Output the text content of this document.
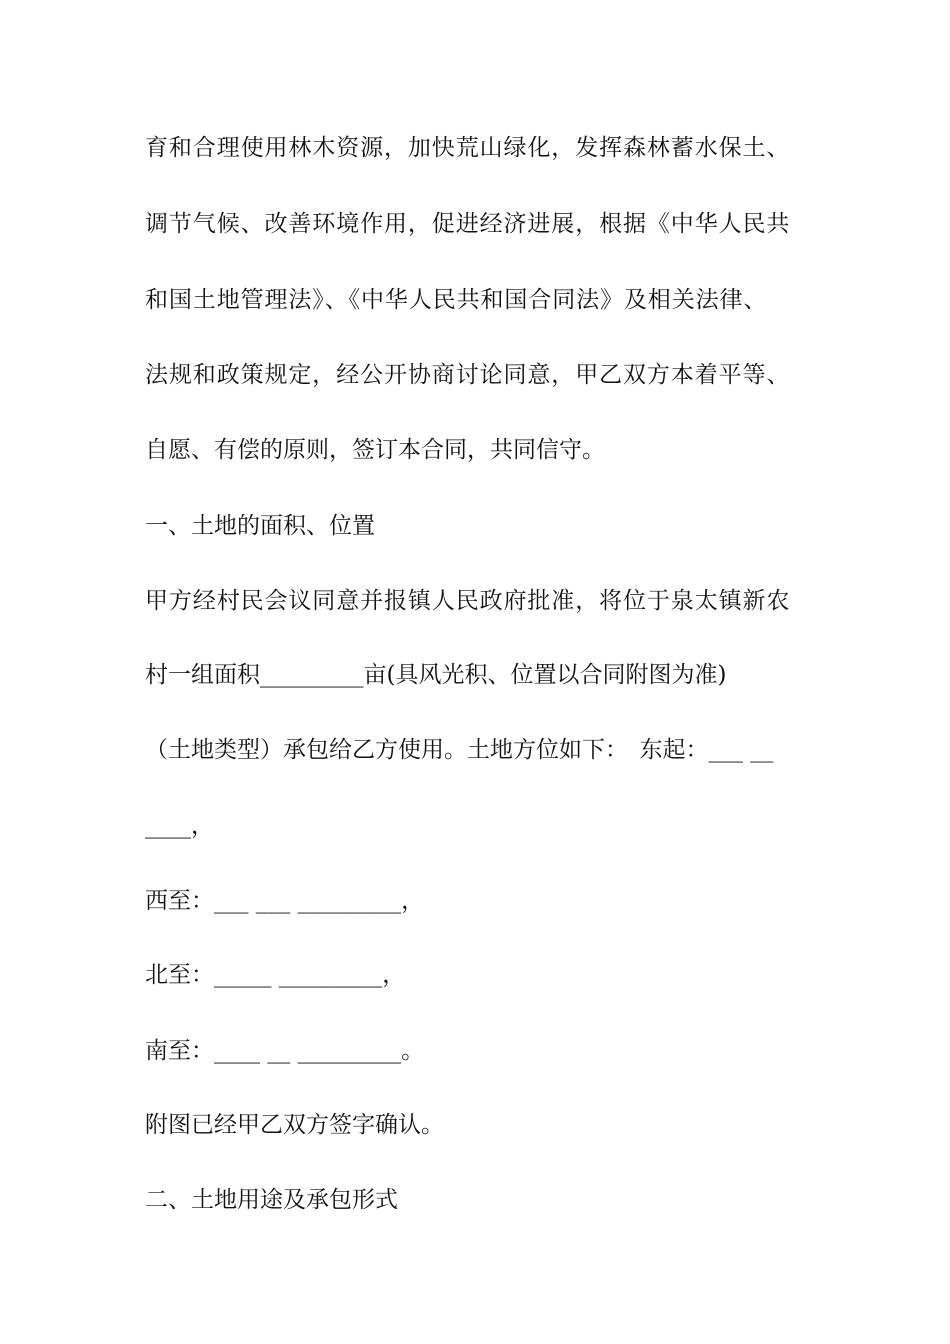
育和合理使用林木资源，加快荒山绿化，发挥森林蓄水保土、
调节气候、改善环境作用，促进经济进展，根据《中华人民共
和国土地管理法》、《中华人民共和国合同法》及相关法律、
法规和政策规定，经公开协商讨论同意，甲乙双方本着平等、
自愿、有偿的原则，签订本合同，共同信守。
一、土地的面积、位置
甲方经村民会议同意并报镇人民政府批准，将位于泉太镇新农
村一组面积_________亩(具风光积、位置以合同附图为准)
（土地类型）承包给乙方使用。土地方位如下：　东起：___ __
____，
西至：___ ___ _________，
北至：_____ _________，
南至：____ __ _________。
附图已经甲乙双方签字确认。
二、土地用途及承包形式
